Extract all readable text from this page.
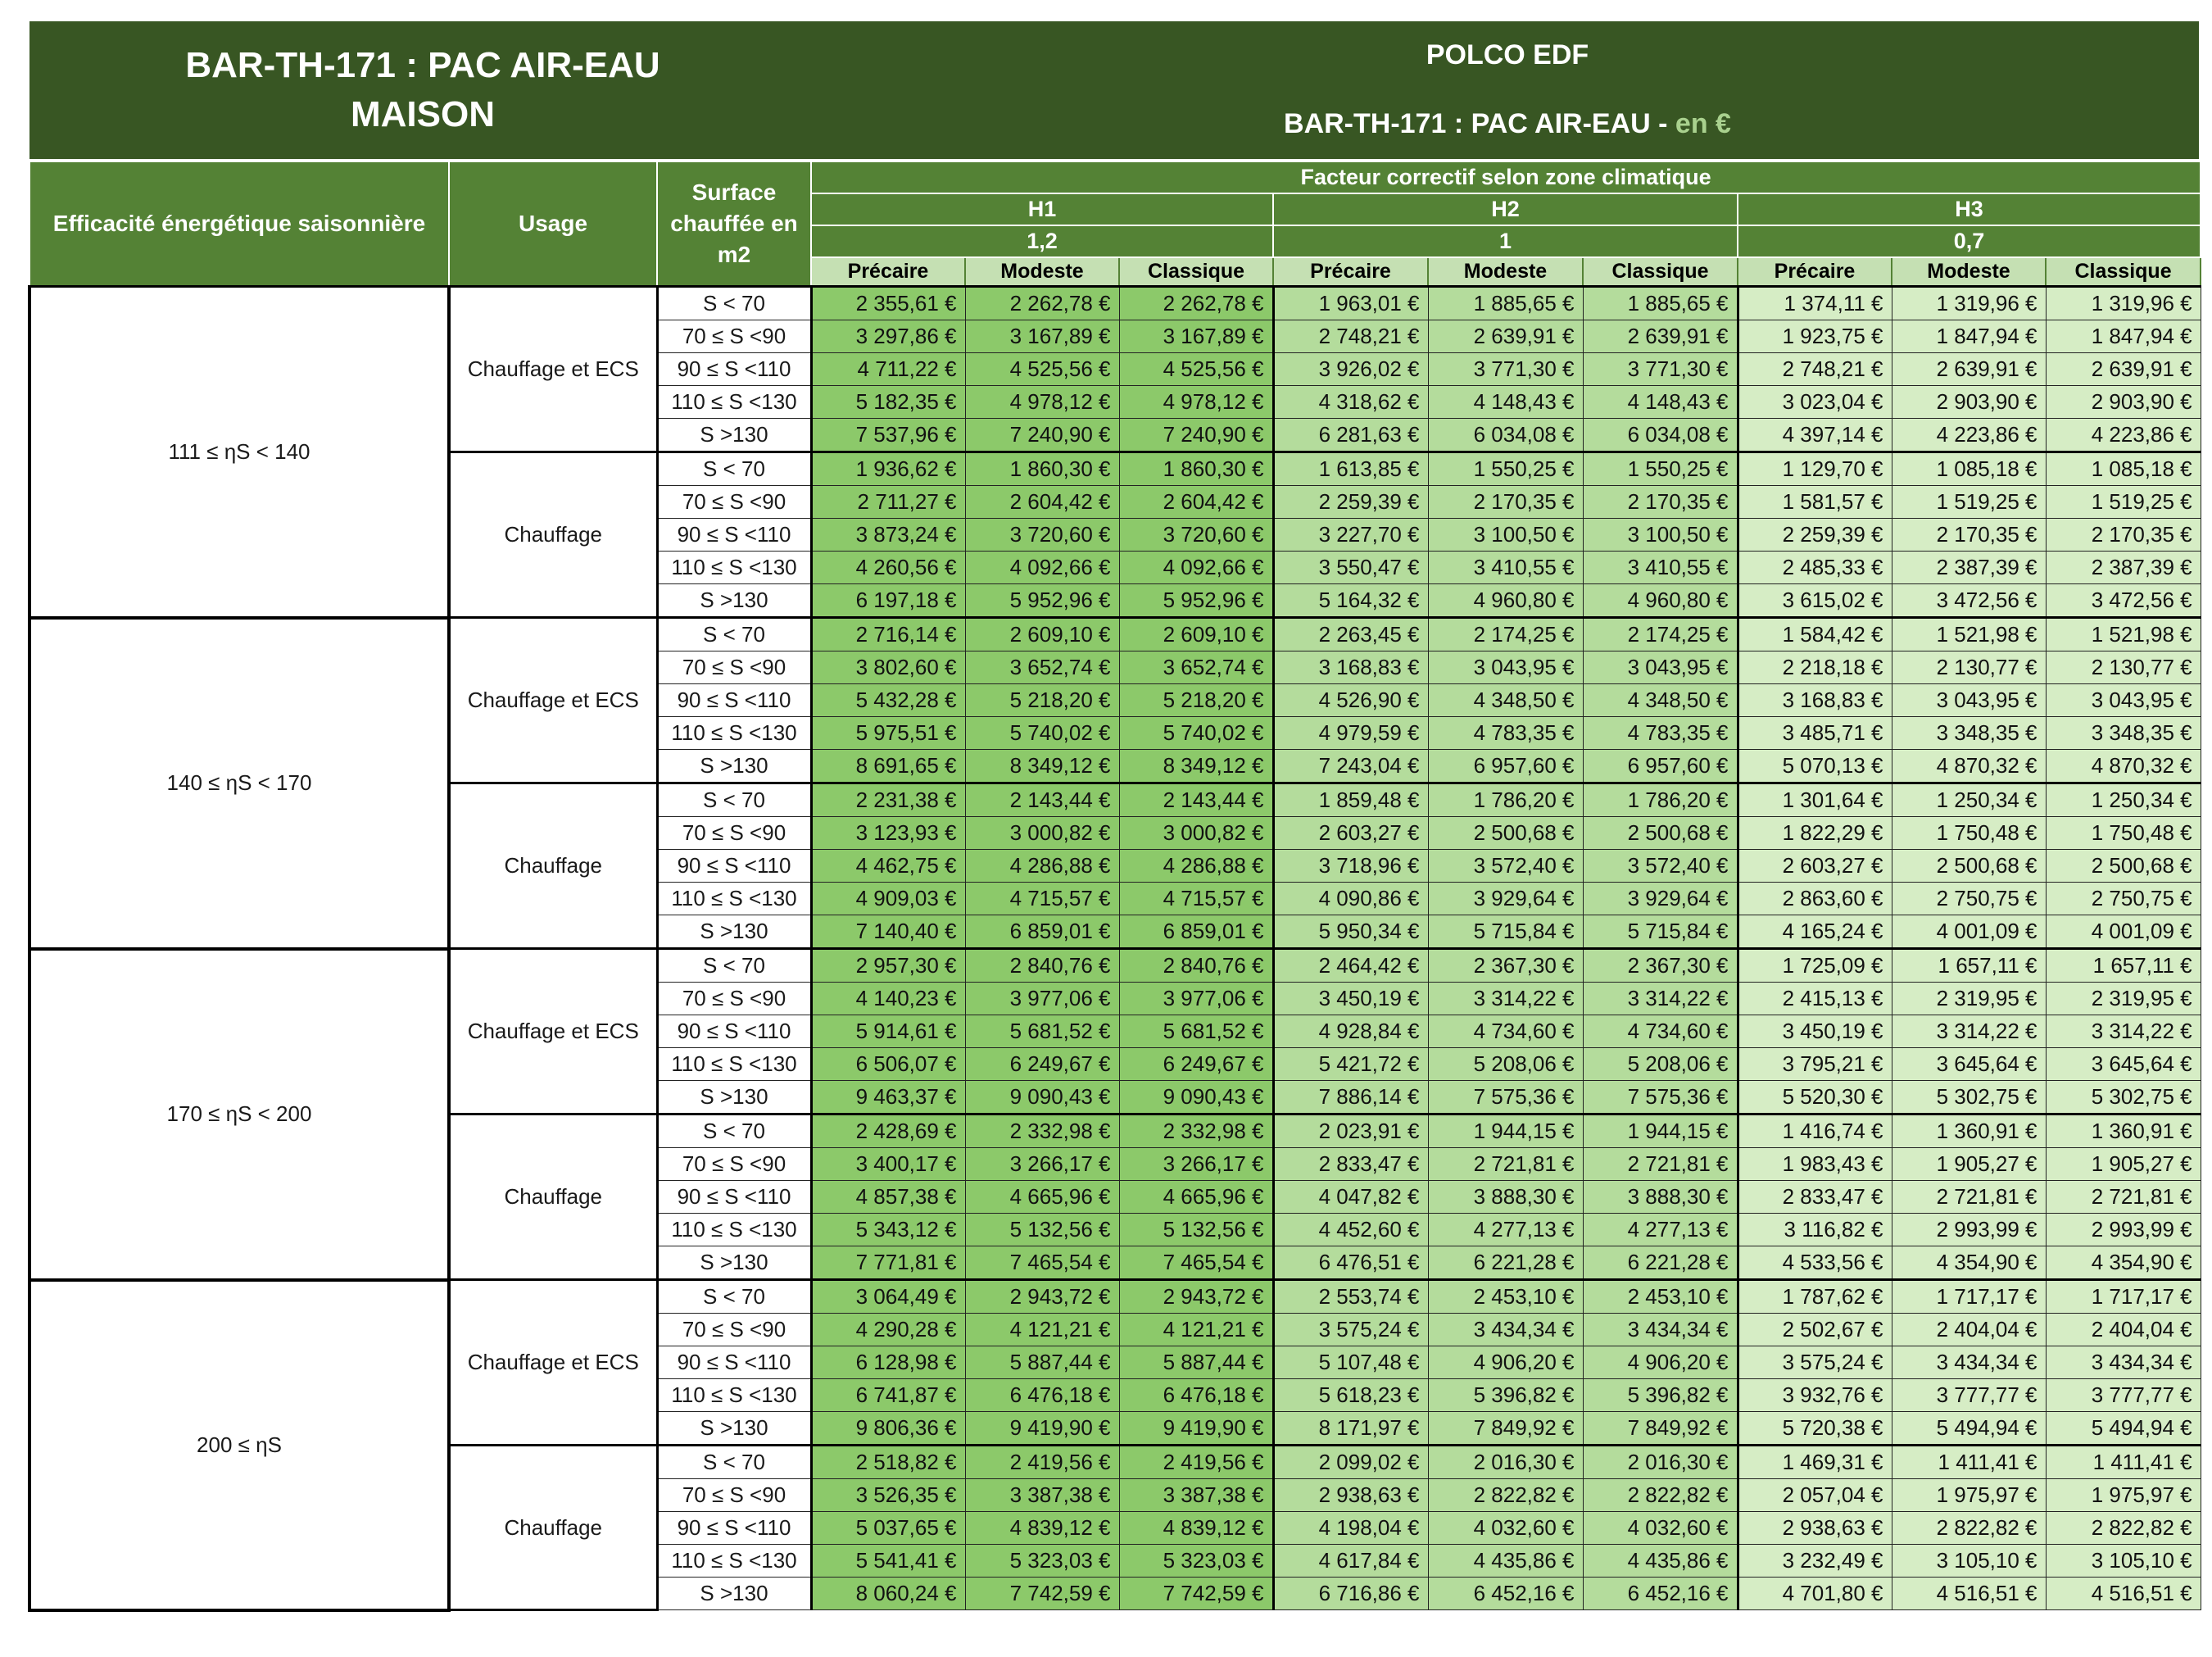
BAR-TH-171 : PAC AIR-EAU
MAISON
POLCO EDF
BAR-TH-171 : PAC AIR-EAU - en €
Efficacité énergétique saisonnière	Usage	Surface chauffée en m2	Facteur correctif selon zone climatique								
			H1			H2			H3		
			1,2			1			0,7		
			Précaire	Modeste	Classique	Précaire	Modeste	Classique	Précaire	Modeste	Classique
111 ≤ ηS < 140	Chauffage et ECS	S < 70	2 355,61 €	2 262,78 €	2 262,78 €	1 963,01 €	1 885,65 €	1 885,65 €	1 374,11 €	1 319,96 €	1 319,96 €
		70 ≤ S <90	3 297,86 €	3 167,89 €	3 167,89 €	2 748,21 €	2 639,91 €	2 639,91 €	1 923,75 €	1 847,94 €	1 847,94 €
		90 ≤ S <110	4 711,22 €	4 525,56 €	4 525,56 €	3 926,02 €	3 771,30 €	3 771,30 €	2 748,21 €	2 639,91 €	2 639,91 €
		110 ≤ S <130	5 182,35 €	4 978,12 €	4 978,12 €	4 318,62 €	4 148,43 €	4 148,43 €	3 023,04 €	2 903,90 €	2 903,90 €
		S >130	7 537,96 €	7 240,90 €	7 240,90 €	6 281,63 €	6 034,08 €	6 034,08 €	4 397,14 €	4 223,86 €	4 223,86 €
	Chauffage	S < 70	1 936,62 €	1 860,30 €	1 860,30 €	1 613,85 €	1 550,25 €	1 550,25 €	1 129,70 €	1 085,18 €	1 085,18 €
		70 ≤ S <90	2 711,27 €	2 604,42 €	2 604,42 €	2 259,39 €	2 170,35 €	2 170,35 €	1 581,57 €	1 519,25 €	1 519,25 €
		90 ≤ S <110	3 873,24 €	3 720,60 €	3 720,60 €	3 227,70 €	3 100,50 €	3 100,50 €	2 259,39 €	2 170,35 €	2 170,35 €
		110 ≤ S <130	4 260,56 €	4 092,66 €	4 092,66 €	3 550,47 €	3 410,55 €	3 410,55 €	2 485,33 €	2 387,39 €	2 387,39 €
		S >130	6 197,18 €	5 952,96 €	5 952,96 €	5 164,32 €	4 960,80 €	4 960,80 €	3 615,02 €	3 472,56 €	3 472,56 €
140 ≤ ηS < 170	Chauffage et ECS	S < 70	2 716,14 €	2 609,10 €	2 609,10 €	2 263,45 €	2 174,25 €	2 174,25 €	1 584,42 €	1 521,98 €	1 521,98 €
		70 ≤ S <90	3 802,60 €	3 652,74 €	3 652,74 €	3 168,83 €	3 043,95 €	3 043,95 €	2 218,18 €	2 130,77 €	2 130,77 €
		90 ≤ S <110	5 432,28 €	5 218,20 €	5 218,20 €	4 526,90 €	4 348,50 €	4 348,50 €	3 168,83 €	3 043,95 €	3 043,95 €
		110 ≤ S <130	5 975,51 €	5 740,02 €	5 740,02 €	4 979,59 €	4 783,35 €	4 783,35 €	3 485,71 €	3 348,35 €	3 348,35 €
		S >130	8 691,65 €	8 349,12 €	8 349,12 €	7 243,04 €	6 957,60 €	6 957,60 €	5 070,13 €	4 870,32 €	4 870,32 €
	Chauffage	S < 70	2 231,38 €	2 143,44 €	2 143,44 €	1 859,48 €	1 786,20 €	1 786,20 €	1 301,64 €	1 250,34 €	1 250,34 €
		70 ≤ S <90	3 123,93 €	3 000,82 €	3 000,82 €	2 603,27 €	2 500,68 €	2 500,68 €	1 822,29 €	1 750,48 €	1 750,48 €
		90 ≤ S <110	4 462,75 €	4 286,88 €	4 286,88 €	3 718,96 €	3 572,40 €	3 572,40 €	2 603,27 €	2 500,68 €	2 500,68 €
		110 ≤ S <130	4 909,03 €	4 715,57 €	4 715,57 €	4 090,86 €	3 929,64 €	3 929,64 €	2 863,60 €	2 750,75 €	2 750,75 €
		S >130	7 140,40 €	6 859,01 €	6 859,01 €	5 950,34 €	5 715,84 €	5 715,84 €	4 165,24 €	4 001,09 €	4 001,09 €
170 ≤ ηS < 200	Chauffage et ECS	S < 70	2 957,30 €	2 840,76 €	2 840,76 €	2 464,42 €	2 367,30 €	2 367,30 €	1 725,09 €	1 657,11 €	1 657,11 €
		70 ≤ S <90	4 140,23 €	3 977,06 €	3 977,06 €	3 450,19 €	3 314,22 €	3 314,22 €	2 415,13 €	2 319,95 €	2 319,95 €
		90 ≤ S <110	5 914,61 €	5 681,52 €	5 681,52 €	4 928,84 €	4 734,60 €	4 734,60 €	3 450,19 €	3 314,22 €	3 314,22 €
		110 ≤ S <130	6 506,07 €	6 249,67 €	6 249,67 €	5 421,72 €	5 208,06 €	5 208,06 €	3 795,21 €	3 645,64 €	3 645,64 €
		S >130	9 463,37 €	9 090,43 €	9 090,43 €	7 886,14 €	7 575,36 €	7 575,36 €	5 520,30 €	5 302,75 €	5 302,75 €
	Chauffage	S < 70	2 428,69 €	2 332,98 €	2 332,98 €	2 023,91 €	1 944,15 €	1 944,15 €	1 416,74 €	1 360,91 €	1 360,91 €
		70 ≤ S <90	3 400,17 €	3 266,17 €	3 266,17 €	2 833,47 €	2 721,81 €	2 721,81 €	1 983,43 €	1 905,27 €	1 905,27 €
		90 ≤ S <110	4 857,38 €	4 665,96 €	4 665,96 €	4 047,82 €	3 888,30 €	3 888,30 €	2 833,47 €	2 721,81 €	2 721,81 €
		110 ≤ S <130	5 343,12 €	5 132,56 €	5 132,56 €	4 452,60 €	4 277,13 €	4 277,13 €	3 116,82 €	2 993,99 €	2 993,99 €
		S >130	7 771,81 €	7 465,54 €	7 465,54 €	6 476,51 €	6 221,28 €	6 221,28 €	4 533,56 €	4 354,90 €	4 354,90 €
200 ≤ ηS	Chauffage et ECS	S < 70	3 064,49 €	2 943,72 €	2 943,72 €	2 553,74 €	2 453,10 €	2 453,10 €	1 787,62 €	1 717,17 €	1 717,17 €
		70 ≤ S <90	4 290,28 €	4 121,21 €	4 121,21 €	3 575,24 €	3 434,34 €	3 434,34 €	2 502,67 €	2 404,04 €	2 404,04 €
		90 ≤ S <110	6 128,98 €	5 887,44 €	5 887,44 €	5 107,48 €	4 906,20 €	4 906,20 €	3 575,24 €	3 434,34 €	3 434,34 €
		110 ≤ S <130	6 741,87 €	6 476,18 €	6 476,18 €	5 618,23 €	5 396,82 €	5 396,82 €	3 932,76 €	3 777,77 €	3 777,77 €
		S >130	9 806,36 €	9 419,90 €	9 419,90 €	8 171,97 €	7 849,92 €	7 849,92 €	5 720,38 €	5 494,94 €	5 494,94 €
	Chauffage	S < 70	2 518,82 €	2 419,56 €	2 419,56 €	2 099,02 €	2 016,30 €	2 016,30 €	1 469,31 €	1 411,41 €	1 411,41 €
		70 ≤ S <90	3 526,35 €	3 387,38 €	3 387,38 €	2 938,63 €	2 822,82 €	2 822,82 €	2 057,04 €	1 975,97 €	1 975,97 €
		90 ≤ S <110	5 037,65 €	4 839,12 €	4 839,12 €	4 198,04 €	4 032,60 €	4 032,60 €	2 938,63 €	2 822,82 €	2 822,82 €
		110 ≤ S <130	5 541,41 €	5 323,03 €	5 323,03 €	4 617,84 €	4 435,86 €	4 435,86 €	3 232,49 €	3 105,10 €	3 105,10 €
		S >130	8 060,24 €	7 742,59 €	7 742,59 €	6 716,86 €	6 452,16 €	6 452,16 €	4 701,80 €	4 516,51 €	4 516,51 €
